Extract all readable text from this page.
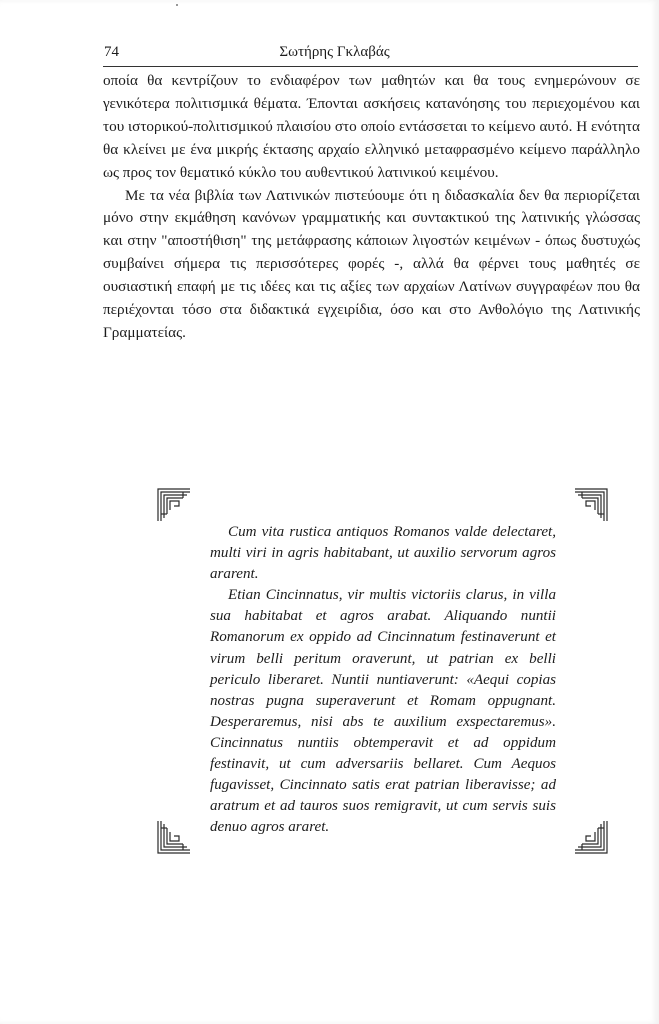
74	Σωτήρης Γκλαβάς

οποία θα κεντρίζουν το ενδιαφέρον των μαθητών και θα τους ενημερώνουν σε γενικότερα πολιτισμικά θέματα. Έπονται ασκήσεις κατανόησης του περιεχομένου και του ιστορικού-πολιτισμικού πλαισίου στο οποίο εντάσσεται το κείμενο αυτό. Η ενότητα θα κλείνει με ένα μικρής έκτασης αρχαίο ελληνικό μεταφρασμένο κείμενο παράλληλο ως προς τον θεματικό κύκλο του αυθεντικού λατινικού κειμένου.

Με τα νέα βιβλία των Λατινικών πιστεύουμε ότι η διδασκαλία δεν θα περιορίζεται μόνο στην εκμάθηση κανόνων γραμματικής και συντακτικού της λατινικής γλώσσας και στην "αποστήθιση" της μετάφρασης κάποιων λιγοστών κειμένων - όπως δυστυχώς συμβαίνει σήμερα τις περισσότερες φορές -, αλλά θα φέρνει τους μαθητές σε ουσιαστική επαφή με τις ιδέες και τις αξίες των αρχαίων Λατίνων συγγραφέων που θα περιέχονται τόσο στα διδακτικά εγχειρίδια, όσο και στο Ανθολόγιο της Λατινικής Γραμματείας.

Cum vita rustica antiquos Romanos valde delectaret, multi viri in agris habitabant, ut auxilio servorum agros ararent.

Etian Cincinnatus, vir multis victoriis clarus, in villa sua habitabat et agros arabat. Aliquando nuntii Romanorum ex oppido ad Cincinnatum festinaverunt et virum belli peritum oraverunt, ut patrian ex belli periculo liberaret. Nuntii nuntiaverunt: «Aequi copias nostras pugna superaverunt et Romam oppugnant. Desperaremus, nisi abs te auxilium exspectaremus». Cincinnatus nuntiis obtemperavit et ad oppidum festinavit, ut cum adversariis bellaret. Cum Aequos fugavisset, Cincinnato satis erat patrian liberavisse; ad aratrum et ad tauros suos remigravit, ut cum servis suis denuo agros araret.
